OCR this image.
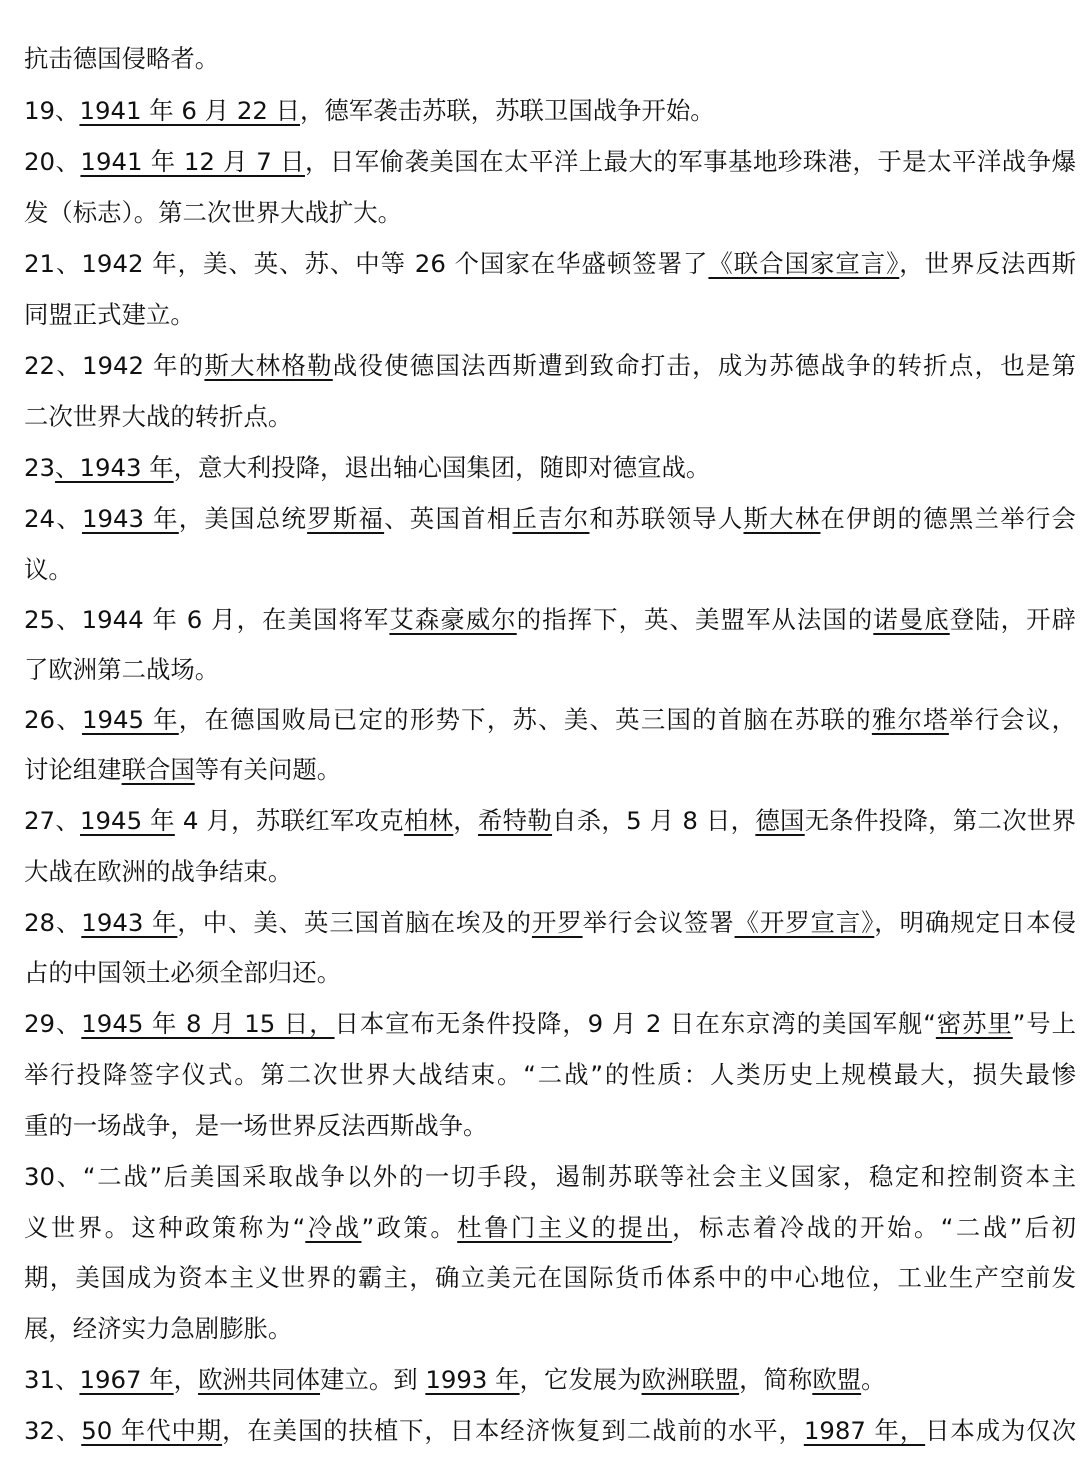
抗击德国侵略者。
19、1941 年 6 月 22 日，德军袭击苏联，苏联卫国战争开始。
20、1941 年 12 月 7 日，日军偷袭美国在太平洋上最大的军事基地珍珠港，于是太平洋战争爆
发（标志）。第二次世界大战扩大。
21、1942 年，美、英、苏、中等 26 个国家在华盛顿签署了《联合国家宣言》，世界反法西斯
同盟正式建立。
22、1942 年的斯大林格勒战役使德国法西斯遭到致命打击，成为苏德战争的转折点，也是第
二次世界大战的转折点。
23、1943 年，意大利投降，退出轴心国集团，随即对德宣战。
24、1943 年，美国总统罗斯福、英国首相丘吉尔和苏联领导人斯大林在伊朗的德黑兰举行会
议。
25、1944 年 6 月，在美国将军艾森豪威尔的指挥下，英、美盟军从法国的诺曼底登陆，开辟
了欧洲第二战场。
26、1945 年，在德国败局已定的形势下，苏、美、英三国的首脑在苏联的雅尔塔举行会议，
讨论组建联合国等有关问题。
27、1945 年 4 月，苏联红军攻克柏林，希特勒自杀，5 月 8 日，德国无条件投降，第二次世界
大战在欧洲的战争结束。
28、1943 年，中、美、英三国首脑在埃及的开罗举行会议签署《开罗宣言》，明确规定日本侵
占的中国领土必须全部归还。
29、1945 年 8 月 15 日，日本宣布无条件投降，9 月 2 日在东京湾的美国军舰“密苏里”号上
举行投降签字仪式。第二次世界大战结束。“二战”的性质：人类历史上规模最大，损失最惨
重的一场战争，是一场世界反法西斯战争。
30、“二战”后美国采取战争以外的一切手段，遏制苏联等社会主义国家，稳定和控制资本主
义世界。这种政策称为“冷战”政策。杜鲁门主义的提出，标志着冷战的开始。“二战”后初
期，美国成为资本主义世界的霸主，确立美元在国际货币体系中的中心地位，工业生产空前发
展，经济实力急剧膨胀。
31、1967 年，欧洲共同体建立。到 1993 年，它发展为欧洲联盟，简称欧盟。
32、50 年代中期，在美国的扶植下，日本经济恢复到二战前的水平，1987 年，日本成为仅次
